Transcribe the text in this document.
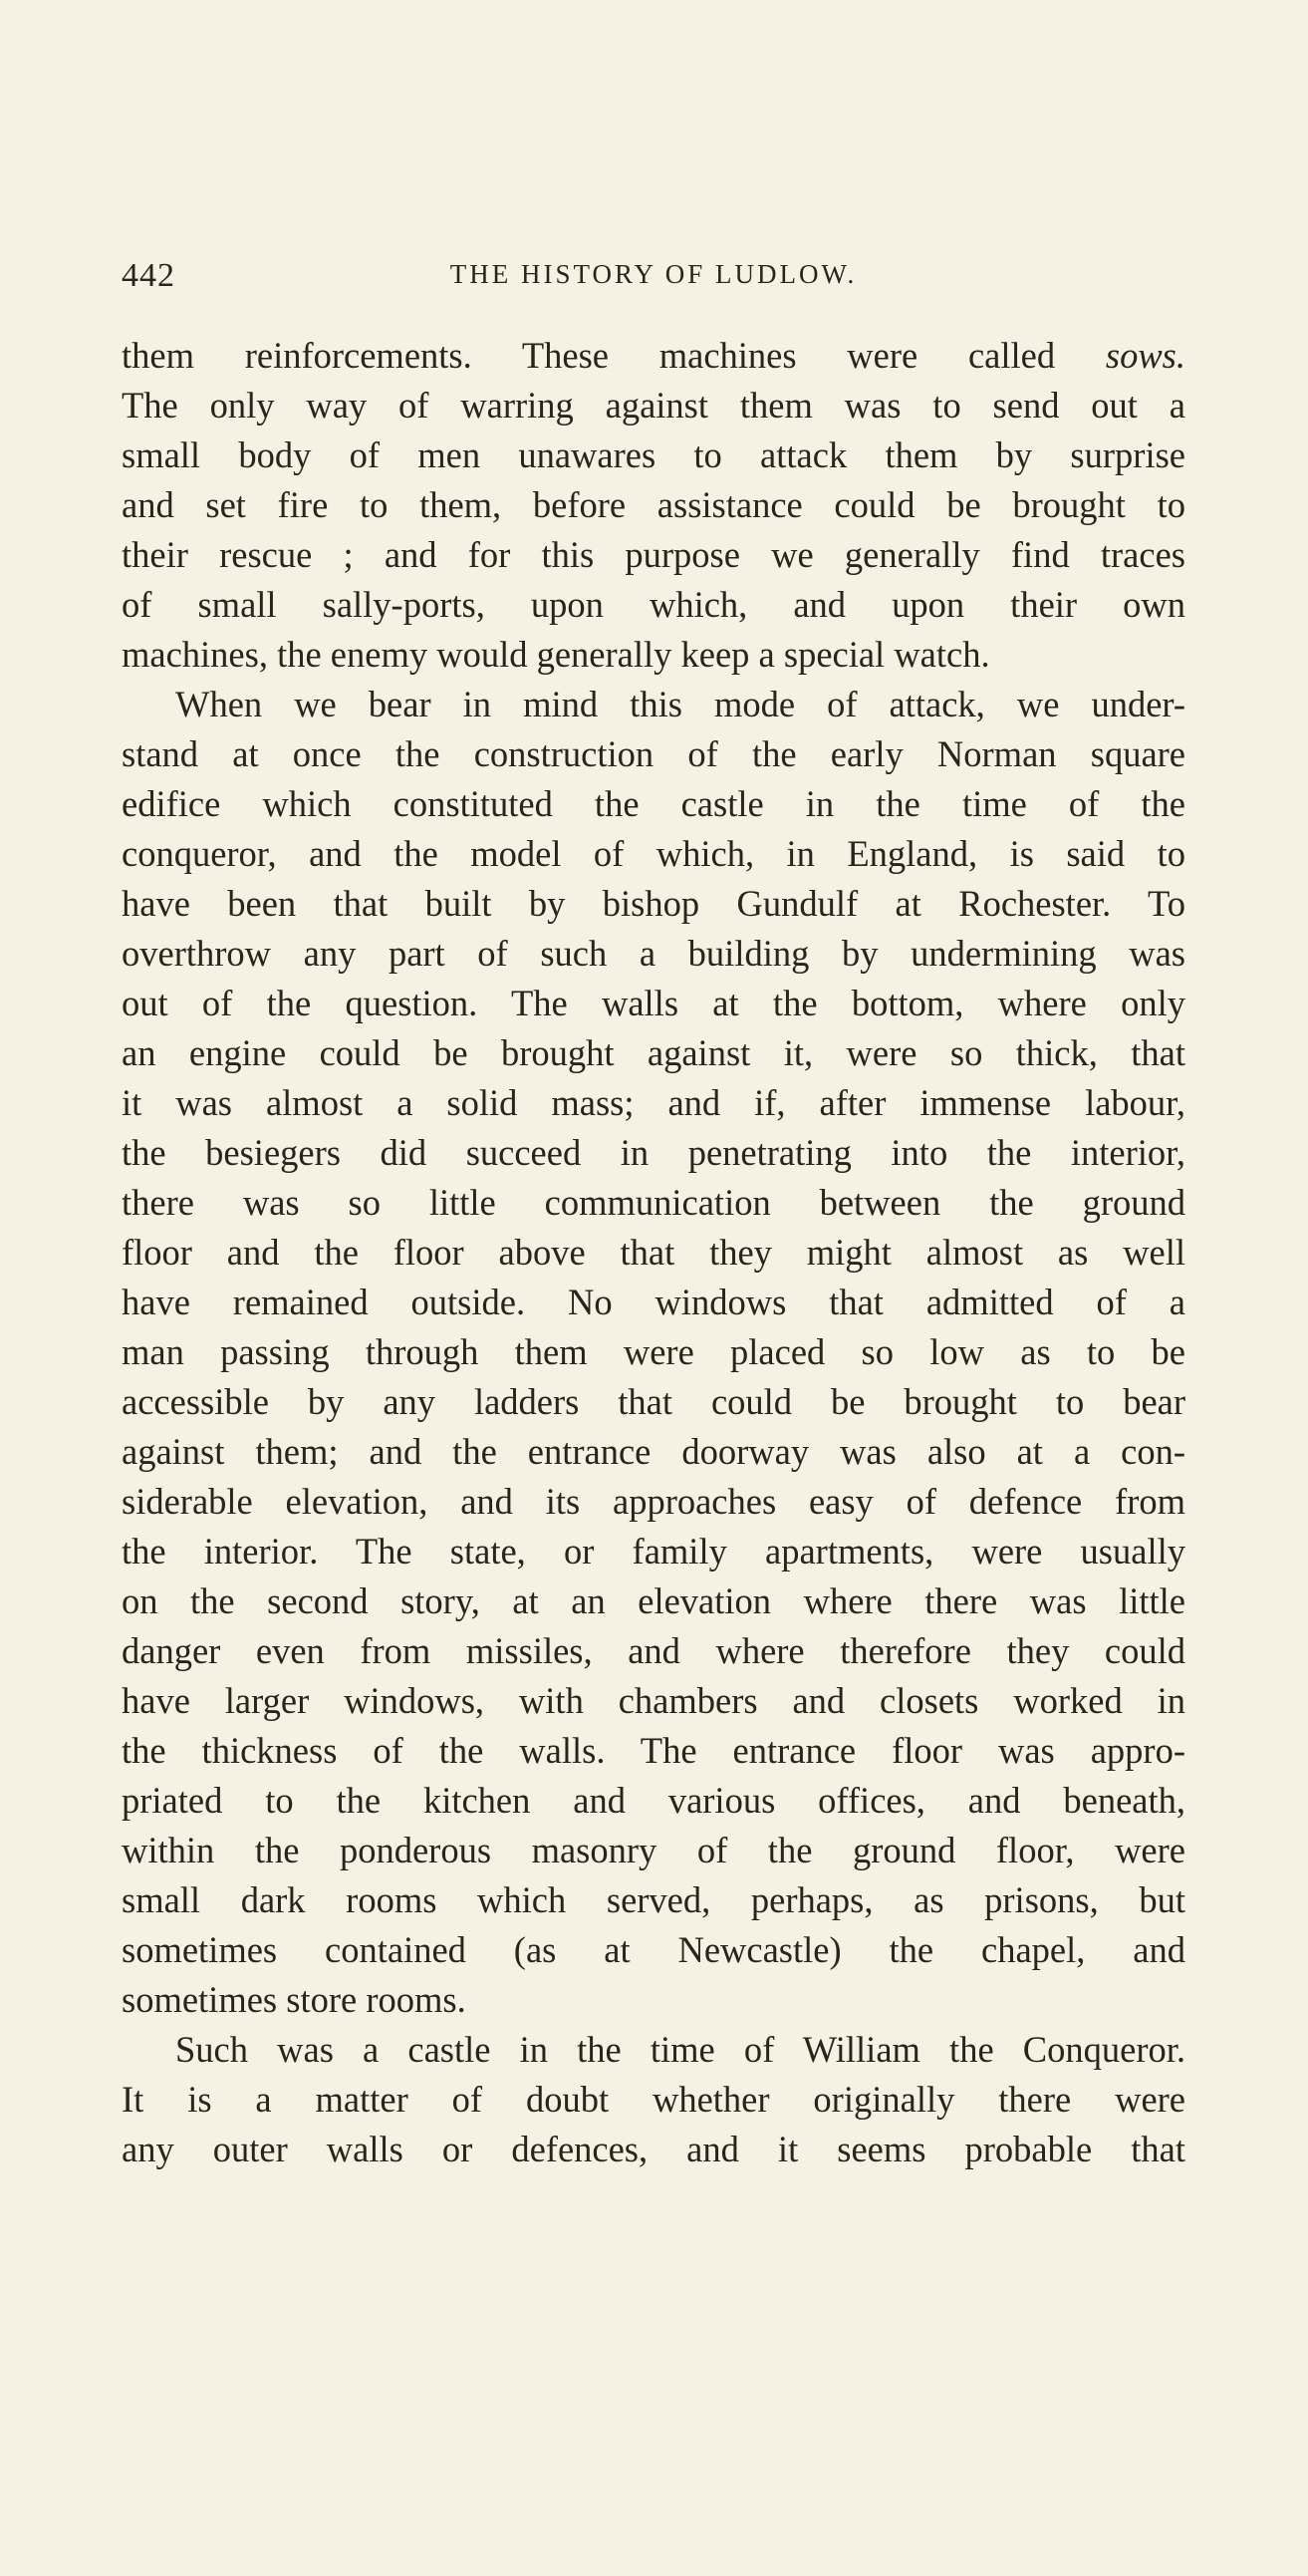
442	THE HISTORY OF LUDLOW.
them reinforcements. These machines were called sows.
The only way of warring against them was to send out a
small body of men unawares to attack them by surprise
and set fire to them, before assistance could be brought to
their rescue ; and for this purpose we generally find traces
of small sally-ports, upon which, and upon their own
machines, the enemy would generally keep a special watch.
When we bear in mind this mode of attack, we under-
stand at once the construction of the early Norman square
edifice which constituted the castle in the time of the
conqueror, and the model of which, in England, is said to
have been that built by bishop Gundulf at Rochester. To
overthrow any part of such a building by undermining was
out of the question. The walls at the bottom, where only
an engine could be brought against it, were so thick, that
it was almost a solid mass; and if, after immense labour,
the besiegers did succeed in penetrating into the interior,
there was so little communication between the ground
floor and the floor above that they might almost as well
have remained outside. No windows that admitted of a
man passing through them were placed so low as to be
accessible by any ladders that could be brought to bear
against them; and the entrance doorway was also at a con-
siderable elevation, and its approaches easy of defence from
the interior. The state, or family apartments, were usually
on the second story, at an elevation where there was little
danger even from missiles, and where therefore they could
have larger windows, with chambers and closets worked in
the thickness of the walls. The entrance floor was appro-
priated to the kitchen and various offices, and beneath,
within the ponderous masonry of the ground floor, were
small dark rooms which served, perhaps, as prisons, but
sometimes contained (as at Newcastle) the chapel, and
sometimes store rooms.
Such was a castle in the time of William the Conqueror.
It is a matter of doubt whether originally there were
any outer walls or defences, and it seems probable that
